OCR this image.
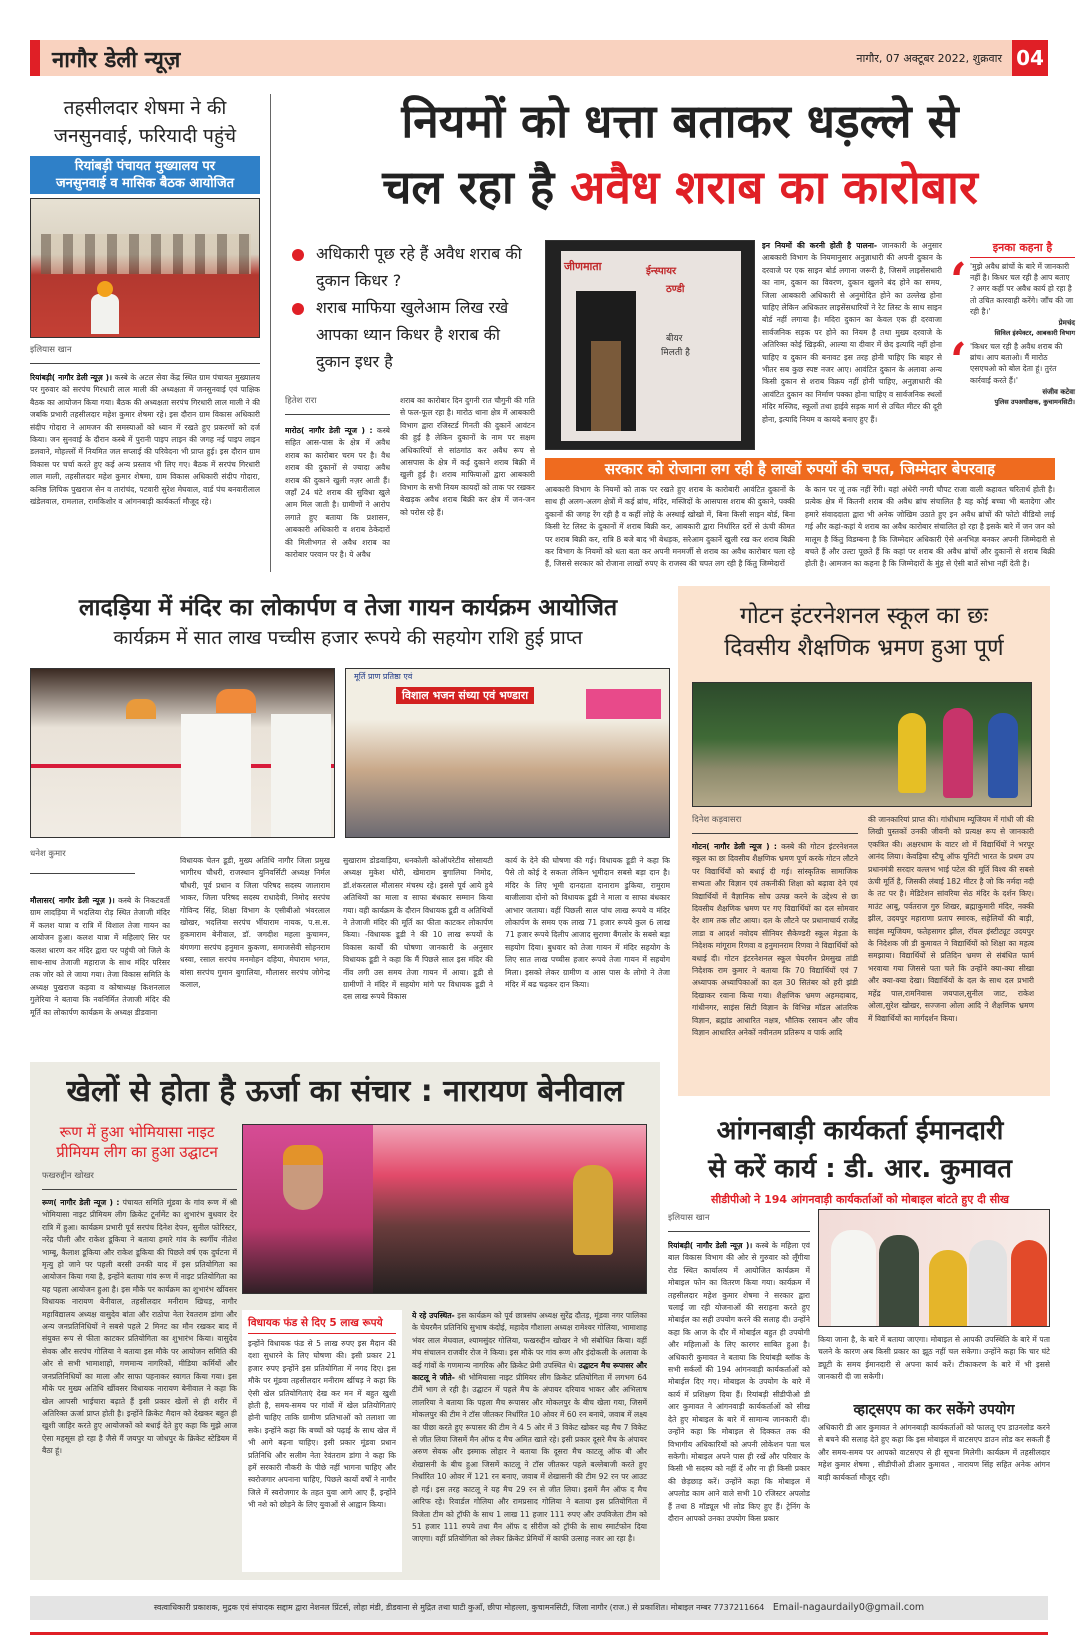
नागौर डेली न्यूज़	नागौर, 07 अक्टूबर 2022, शुक्रवार 04
तहसीलदार शेषमा ने की
जनसुनवाई, फरियादी पहुंचे
रियांबड़ी पंचायत मुख्यालय पर
जनसुनवाई व मासिक बैठक आयोजित
इलियास खान
रियांबड़ी( नागौर डेली न्यूज़ )। कस्बे के अटल सेवा केंद्र स्थित ग्राम पंचायत मुख्यालय पर गुरुवार को सरपंच गिरधारी लाल माली की अध्यक्षता में जनसुनवाई एवं पाक्षिक बैठक का आयोजन किया गया। बैठक की अध्यक्षता सरपंच गिरधारी लाल माली ने की जबकि प्रभारी तहसीलदार महेश कुमार शेषमा रहे। इस दौरान ग्राम विकास अधिकारी संदीप गोदारा ने आमजन की समस्याओं को ध्यान में रखते हुए प्रकरणों को दर्ज किया। जन सुनवाई के दौरान कस्बे में पुरानी पाइप लाइन की जगह नई पाइप लाइन डलवाने, मोहल्लों में नियमित जल सप्लाई की परिवेदना भी प्राप्त हुई। इस दौरान ग्राम विकास पर चर्चा करते हुए कई अन्य प्रस्ताव भी लिए गए। बैठक में सरपंच गिरधारी लाल माली, तहसीलदार महेश कुमार शेषमा, ग्राम विकास अधिकारी संदीप गोदारा, कनिष्ठ लिपिक पुखराज सेन व तारांचंद, पटवारी सुरेश मेघवाल, वार्ड पंच बनवारीलाल खंडेलवाल, रामलाल, रामकिशोर व आंगनबाड़ी कार्यकर्ता मौजूद रहे।
नियमों को धत्ता बताकर धड़ल्ले से
चल रहा है अवैध शराब का कारोबार
अधिकारी पूछ रहे हैं अवैध शराब की दुकान किधर ?
शराब माफिया खुलेआम लिख रखे आपका ध्यान किधर है शराब की दुकान इधर है
जीणमाता	ईन्स्पायर
ठण्डी
बीयर
मिलती है
हितेश रारा
मारोठ( नागौर डेली न्यूज ) : कस्बे सहित आस-पास के क्षेत्र में अवैध शराब का कारोबार चरम पर है। वैध शराब की दुकानों से ज्यादा अवैध शराब की दुकाने खुली नज़र आती हैं। जहाँ 24 घंटे शराब की सुविधा खुले आम मिल जाती है। ग्रामीणों ने आरोप लगाते हुए बताया कि प्रशासन, आबकारी अधिकारी व शराब ठेकेदारों की मिलीभगत से अवैध शराब का कारोबार परवान पर है। ये अवैध
शराब का कारोबार दिन दुगनी रात चौगुनी की गति से फल-फूल रहा है। मारोठ थाना क्षेत्र में आबकारी विभाग द्वारा रजिस्टर्ड गिनती की दुकानें आवंटन की हुई है लेकिन दुकानों के नाम पर सक्षम अधिकारियों से सांठगांठ कर अवैध रूप से आसपास के क्षेत्र में कई दुकाने शराब बिक्री में खुली हुई है। शराब माफियाओं द्वारा आबकारी विभाग के सभी नियम कायदों को ताक पर रखकर बेखड़क अवैध शराब बिक्री कर क्षेत्र में जन-जन को परोस रहे हैं।
इन नियमों की करनी होती है पालना- जानकारी के अनुसार आबकारी विभाग के नियमानुसार अनुज्ञाधारी की अपनी दुकान के दरवाजे पर एक साइन बोर्ड लगाना जरूरी है, जिसमें लाइसेंसधारी का नाम, दुकान का विवरण, दुकान खुलने बंद होने का समय, जिला आबकारी अधिकारी से अनुमोदित होने का उल्लेख होना चाहिए लेकिन अधिकतर लाइसेंसधारियों ने रेट लिस्ट के साथ साइन बोर्ड नहीं लगाया है। मदिरा दुकान का केवल एक ही दरवाजा सार्वजनिक सड़क पर होने का नियम है तथा मुख्य दरवाजे के अतिरिक्त कोई खिड़की, आल्या या दीवार में छेद इत्यादि नहीं होना चाहिए व दुकान की बनावट इस तरह होनी चाहिए कि बाहर से भीतर सब कुछ स्पष्ट नजर आए। आवंटित दुकान के अलावा अन्य किसी दुकान से शराब विक्रय नहीं होनी चाहिए, अनुज्ञाधारी की आवंटित दुकान का निर्माण पक्का होना चाहिए व सार्वजनिक स्थलों मंदिर मस्जिद, स्कूलों तथा हाईवे सड़क मार्ग से उचित मीटर की दूरी होना, इत्यादि नियम व कायदे बनाए हुए हैं।
इनका कहना है
‘ 'मुझे अवैध ब्रांचों के बारे में जानकारी नहीं है। किधर चल रही है आप बताए ? अगर कहीं पर अवैध कार्य हो रहा है तो उचित कारवाही करेंगे। जाँच की जा रही है।'
प्रेमचंद
सिविल इंस्पेक्टर, आबकारी विभाग
‘ 'किधर चल रही है अवैध शराब की ब्रांच। आप बताओ। मैं मारोठ एसएचओ को बोल देता हूं। तुरंत कार्रवाई करते हैं।'
संजीव कटेवा
पुलिस उपअधीक्षक, कुचामनसिटी।
सरकार को रोजाना लग रही है लाखों रुपयों की चपत, जिम्मेदार बेपरवाह
आबकारी विभाग के नियमों को ताक पर रखते हुए शराब के कारोबारी आवंटित दुकानों के साथ ही अलग-अलग क्षेत्रों में कई ब्रांच, मंदिर, मस्जिदों के आसपास शराब की दुकाने, पक्की दुकानों की जगह रेंग रही है व कहीं लोहे के अस्थाई खोखो में, बिना किसी साइन बोर्ड, बिना किसी रेट लिस्ट के दुकानों में शराब बिक्री कर, आबकारी द्वारा निर्धारित दरों से ऊंची कीमत पर शराब बिक्री कर, रात्रि 8 बजे बाद भी बेधड़क, सरेआम दुकानें खुली रख कर शराब बिक्री कर विभाग के नियमों को धता बता कर अपनी मनमर्जी से शराब का अवैध कारोबार चला रहे हैं, जिससे सरकार को रोजाना लाखों रुपए के राजस्व की चपत लग रही है किंतु जिम्मेदारों
के कान पर जूं तक नहीं रेंगी। यहां अंधेरी नगरी चौपट राजा वाली कहावत चरितार्थ होती है। प्रत्येक क्षेत्र में कितनी शराब की अवैध ब्रांच संचालित है यह कोई बच्चा भी बतादेगा और हमारे संवाददाता द्वारा भी अनेक जोखिम उठाते हुए इन अवैध ब्रांचों की फोटो वीडियो लाई गई और कहां-कहां ये शराब का अवैध कारोबार संचालित हो रहा है इसके बारे में जन जन को मालूम है किंतु विडम्बना है कि जिम्मेदार अधिकारी ऐसे अनभिज्ञ बनकर अपनी जिम्मेदारी से बचते हैं और उल्टा पूछते हैं कि कहां पर शराब की अवैध ब्रांचों और दुकानों से शराब बिक्री होती है। आमजन का कहना है कि जिम्मेदारों के मुंह से ऐसी बातें सोभा नहीं देती है।
लादड़िया में मंदिर का लोकार्पण व तेजा गायन कार्यक्रम आयोजित
कार्यक्रम में सात लाख पच्चीस हजार रूपये की सहयोग राशि हुई प्राप्त
मूर्ति प्राण प्रतिष्ठा एवं
विशाल भजन संध्या एवं भण्डारा
धनेश कुमार
मौलासर( नागौर डेली न्यूज़ )। कस्बे के निकटवर्ती ग्राम लादड़िया में भदलिया रोड़ स्थित तेजाजी मंदिर में कलश यात्रा व रात्रि में विशाल तेजा गायन का आयोजन हुआ। कलश यात्रा में महिलाएं सिर पर कलश धारण कर मंदिर द्वारा पर पहुंची जो जिले के साथ-साथ तेजाजी महाराज के साथ मंदिर परिसर तक जोर को ले जाया गया। तेजा विकास समिति के अध्यक्ष पुखराज कड़वा व कोषाध्यक्ष किशनलाल गुलेरिया ने बताया कि नवनिर्मित तेजाजी मंदिर की मूर्ति का लोकार्पण कार्यक्रम के अध्यक्ष डीडवाना
विधायक चेतन डूडी, मुख्य अतिथि नागौर जिला प्रमुख भागीरथ चौधरी, राजस्थान युनिवर्सिटी अध्यक्ष निर्मल चौधरी, पूर्व प्रधान व जिला परिषद सदस्य जालाराम भाकर, जिला परिषद सदस्य राधादेवी, निमोद सरपंच गोविन्द सिंह, शिक्षा विभाग के एसीबीओ भंवरलाल खोखर, भदलिया सरपंच भींयाराम नायक, प.स.स. हुकमाराम बेनीवाल, डॉ. जगदीश महला कुचामन, बंगणगा सरपंच हनुमान कुकणा, समाजसेवी सोहनराम धस्वा, रसाल सरपंच मनमोहन दहिया, मेघाराम भगत, बांसा सरपंच गुमान बुगालिया, मौलासर सरपंच जोगेन्द्र कलाल,
सुखाराम डोडवाड़िया, धनकोली कोऑपरेटीव सोसायटी अध्यक्ष मुकेश थोरी, खेमाराम बुगालिया निमोद, डॉ.शंकरलाल मौलासर मंचस्थ रहे। इससे पूर्व आये हुये अतिथियों का माला व साफा बंधकार सम्मान किया गया। वही कार्यक्रम के दौरान विधायक डूडी व अतिथियों ने तेजाजी मंदिर की मूर्ति का फीता काटकर लोकार्पण किया। -विधायक डूडी ने की 10 लाख रूपयों के विकास कार्यों की घोषणा जानकारी के अनुसार विधायक डूडी ने कहा कि मैं पिछले साल इस मंदिर की नींव लगी उस समय तेजा गायन में आया। डूडी से ग्रामीणों ने मंदिर में सहयोग मांगे पर विधायक डूडी ने दस लाख रूपये विकास
कार्य के देने की घोषणा की गई। विधायक डूडी ने कहा कि पैसे तो कोई दे सकता लेकिन भूमीदान सबसे बड़ा दान है। मंदिर के लिए भूमी दानदाता दानाराम डुकिया, रामुराम बाजीलावा दोनो को विधायक डूडी ने माला व साफा बंधकार आभार जताया। वहीं पिछली साल पांच लाख रूपये व मंदिर लोकार्पण के समय एक लाख 71 हजार रूपये कुल 6 लाख 71 हजार रूपये दिलीप आजाद सुराणा बैंगलोर के सबसे बड़ा सहयोग दिया। बुधवार को तेजा गायन में मंदिर सहयोग के लिए सात लाख पच्चीस हजार रूपये तेजा गायन में सहयोग मिला। इसको लेकर ग्रामीण व आस पास के लोगो ने तेजा मंदिर में बढ चढ़कर दान किया।
गोटन इंटरनेशनल स्कूल का छः
दिवसीय शैक्षणिक भ्रमण हुआ पूर्ण
दिनेश कड़वासरा
गोटन( नागौर डेली न्यूज ) : कस्बे की गोटन इंटरनेशनल स्कूल का छः दिवसीय शैक्षणिक भ्रमण पूर्ण करके गोटन लौटने पर विद्यार्थियों को बधाई दी गई। सांस्कृतिक सामाजिक सभ्यता और विज्ञान एवं तकनीकी शिक्षा को बढ़ावा देने एवं विद्यार्थियों में वैज्ञानिक सोच उत्पन्न करने के उद्देश्य से छः दिवसीय शैक्षणिक भ्रमण पर गए विद्यार्थियों का दल सोमवार देर शाम तक लौट आया। दल के लौटने पर प्रधानाचार्य राजेंद्र लाडा व आदर्श नवोदय सीनियर सैकेण्डरी स्कूल मेड़ता के निदेशक मांगूराम रिणवा व हनुमानराम रिणवा ने विद्यार्थियों को बधाई दी। गोटन इंटरनेशनल स्कूल चेयरमैन प्रेमसुख तांडी निदेशक राम कुमार ने बताया कि 70 विद्यार्थियों एवं 7 अध्यापक अध्यापिकाओं का दल 30 सितंबर को हरी झंडी दिखाकर रवाना किया गया। शैक्षणिक भ्रमण अहमदाबाद, गांधीनगर, साइंस सिटी विज्ञान के विभिन्न मॉडल आंतरिक विज्ञान, ब्रह्मांड आधारित नक्षत्र, भौतिक रसायन और जीव विज्ञान आधारित अनेकों नवीनतम प्रतिरूप व पार्क आदि
की जानकारियां प्राप्त की। गांधीधाम म्यूजियम में गांधी जी की लिखी पुस्तकों उनकी जीवनी को प्रत्यक्ष रूप से जानकारी एकत्रित की। अक्षरधाम के वाटर शो में विद्यार्थियों ने भरपूर आनंद लिया। केवड़िया स्टैचू ऑफ यूनिटी भारत के प्रथम उप प्रधानमंत्री सरदार वल्लभ भाई पटेल की मूर्ति विश्व की सबसे ऊंची मूर्ति है, जिसकी लंबाई 182 मीटर है जो कि नर्मदा नदी के तट पर है। मेडिटेशन सांवरिया सेठ मंदिर के दर्शन किए। माउंट आबू, पर्वतराज गुरु शिखर, ब्रह्माकुमारी मंदिर, नक्की झील, उदयपुर महाराणा प्रताप स्मारक, सहेलियों की बाड़ी, साइंस म्यूजियम, फतेहसागर झील, रॉयल इंस्टीट्यूट उदयपुर के निदेशक जी डी कुमावत ने विद्यार्थियों को शिक्षा का महत्व समझाया। विद्यार्थियों से प्रतिदिन भ्रमण से संबंधित फार्म भरवाया गया जिससे पता चले कि उन्होंने क्या-क्या सीखा और क्या-क्या देखा। विद्यार्थियों के दल के साथ दल प्रभारी महेंद्र पाल,रामनिवास जयपाल,सुनील जाट, राकेश ओला,सुरेश खोखर, सज्जना ओला आदि ने शैक्षणिक भ्रमण में विद्यार्थियों का मार्गदर्शन किया।
खेलों से होता है ऊर्जा का संचार : नारायण बेनीवाल
रूण में हुआ भोमियासा नाइट
प्रीमियम लीग का हुआ उद्घाटन
फखरुद्दीन खोखर
रूण( नागौर डेली न्यूज ) : पंचायत समिति मूंडवा के गांव रूण में श्री भोमियासा नाइट प्रीमियम लीग क्रिकेट टूर्नामेंट का शुभारंभ बुधवार देर रात्रि में हुआ। कार्यक्रम प्रभारी पूर्व सरपंच दिनेश देपन, सुनील फोरिस्टर, नरेंद्र पौली और राकेश डूकिया ने बताया हमारे गांव के स्वर्गीय नीतेश भाम्बू, कैलाश डूकिया और राकेश डूकिया की पिछले वर्ष एक दुर्घटना में मृत्यु हो जाने पर पहली बरसी उनकी याद में इस प्रतियोगिता का आयोजन किया गया है, इन्होंने बताया गांव रूण में नाइट प्रतियोगिता का यह पहला आयोजन हुआ है। इस मौके पर कार्यक्रम का शुभारंभ खींवसर विधायक नारायण बेनीवाल, तहसीलदार मनीराम खिचड़, नागौर महाविद्यालय अध्यक्ष वासुदेव बांता और राठोपा नेता रेवतराम डांगा और अन्य जनप्रतिनिधियों ने सबसे पहले 2 मिनट का मौन रखकर बाद में संयुक्त रूप से फीता काटकर प्रतियोगिता का शुभारंभ किया। वासुदेव सेवक और सरपंच गोलिया ने बताया इस मौके पर आयोजन समिति की ओर से सभी भामाशाहो, गणमान्य नागरिकों, मीडिया कर्मियों और जनप्रतिनिधियों का माला और साफा पहनाकर स्वागत किया गया। इस मौके पर मुख्य अतिथि खींवसर विधायक नारायण बेनीवाल ने कहा कि खेल आपसी भाईचारा बढ़ाते हैं इसी प्रकार खेलों से ही शरीर में अतिरिक्त ऊर्जा प्राप्त होती है। इन्होंने क्रिकेट मैदान को देखकर बहुत ही खुशी जाहिर करते हुए आयोजकों को बधाई देते हुए कहा कि मुझे आज ऐसा महसूस हो रहा है जैसे मैं जयपुर या जोधपुर के क्रिकेट स्टेडियम में बैठा हूं।
विधायक फंड से दिए 5 लाख रूपये
इन्होंने विधायक फंड से 5 लाख रुपए इस मैदान की दशा सुधारने के लिए घोषणा की। इसी प्रकार 21 हजार रुपए इन्होंने इस प्रतियोगिता में नगद दिए। इस मौके पर मूंडवा तहसीलदार मनीराम खींचड़ ने कहा कि ऐसी खेल प्रतियोगिताएं देख कर मन में बहुत खुशी होती है, समय-समय पर गांवों में खेल प्रतियोगिताएं होनी चाहिए ताकि ग्रामीण प्रतिभाओं को तलाशा जा सके। इन्होंने कहा कि बच्चों को पढ़ाई के साथ खेल में भी आगे बढ़ना चाहिए। इसी प्रकार मूंडवा प्रधान प्रतिनिधि और सलीम नेता रेवंतराम डांगा ने कहा कि हमें सरकारी नौकरी के पीछे नहीं भागना चाहिए और स्वरोजगार अपनाना चाहिए, पिछले कार्यो वर्षों ने नागौर जिले में स्वरोजगार के तहत युवा आगे आए हैं, इन्होंने भी नशे को छोड़ने के लिए युवाओं से आह्वान किया।
ये रहे उपस्थित- इस कार्यक्रम को पूर्व छात्रसंघ अध्यक्ष सुरेंद्र दौतड़, मूंडवा नगर पालिका के चेयरमैन प्रतिनिधि सुभाष कंदोई, महादेव गौशाला अध्यक्ष रामेश्वर गोलिया, भामाशाह भंवर लाल मेघवाल, श्यामसुंदर गोलिया, फखरुद्दीन खोखर ने भी संबोधित किया। वहीं मंच संचालन राजवीर रोज ने किया। इस मौके पर गांव रूण और इंदोकली के अलावा के कई गांवों के गणमान्य नागरिक और क्रिकेट प्रेमी उपस्थित थे। उद्घाटन मैच रूपासर और काटलू ने जीते- श्री भोमियासा नाइट प्रीमियर लीग क्रिकेट प्रतियोगिता में लगभग 64 टीमें भाग ले रही है। उद्घाटन में पहले मैच के अंपायर दरियाव भाकर और अभिलाष लालरिया ने बताया कि पहला मैच रूपासर और मोकलपुर के बीच खेला गया, जिसमें मोकलपुर की टीम ने टॉस जीतकर निर्धारित 10 ओवर में 60 रन बनाये, जवाब में लक्ष्य का पीछा करते हुए रूपासर की टीम ने 4 5 ओर में 3 विकेट खोकर यह मैच 7 विकेट से जीत लिया जिसमें मैन ऑफ द मैच अमित खाते रहे। इसी प्रकार दूसरे मैच के अंपायर अरुण सेवक और इस्माक लोहार ने बताया कि दूसरा मैच काटलू ऑफ बी और शेखासनी के बीच हुआ जिसमें काटलू ने टॉस जीतकर पहले बल्लेबाजी करते हुए निर्धारित 10 ओवर में 121 रन बनाए, जवाब में शेखासनी की टीम 92 रन पर आउट हो गई। इस तरह काटलू ने यह मैच 29 रन से जीत लिया। इसमें मैन ऑफ द मैच आरिफ रहे। रिवार्डल गोलिया और रामप्रसाद गोलिया ने बताया इस प्रतियोगिता में विजेता टीम को ट्रॉफी के साथ 1 लाख 11 हजार 111 रुपए और उपविजेता टीम को 51 हजार 111 रुपये तथा मैन ऑफ द सीरीज को ट्रॉफी के साथ स्मार्टफोन दिया जाएगा। वहीं प्रतियोगिता को लेकर क्रिकेट प्रेमियों में काफी उत्साह नजर आ रहा है।
आंगनबाड़ी कार्यकर्ता ईमानदारी
से करें कार्य : डी. आर. कुमावत
सीडीपीओ ने 194 आंगनवाड़ी कार्यकर्ताओं को मोबाइल बांटते हुए दी सीख
इलियास खान
रियांबड़ी( नागौर डेली न्यूज़ )। कस्बे के महिला एवं बाल विकास विभाग की ओर से गुरुवार को लूँगीया रोड स्थित कार्यालय में आयोजित कार्यक्रम में मोबाइल फोन का वितरण किया गया। कार्यक्रम में तहसीलदार महेश कुमार शेषमा ने सरकार द्वारा चलाई जा रही योजनाओं की सराहना करते हुए मोबाईल का सही उपयोग करने की सलाह दी। उन्होंने कहा कि आज के दौर में मोबाईल बहुत ही उपयोगी और महिलाओं के लिए कारगर साबित हुआ है। अधिकारी कुमावत ने बताया कि रियांबड़ी ब्लॉक के सभी सर्कलों की 194 आंगनवाड़ी कार्यकर्ताओं को मोबाईल दिए गए। मोबाइल के उपयोग के बारे में कार्य में प्रशिक्षण दिया हैं। रियांबड़ी सीडीपीओ डी आर कुमावत ने आंगनवाड़ी कार्यकर्ताओं को सीख देते हुए मोबाइल के बारे में सामान्य जानकारी दी। उन्होंने कहा कि मोबाइल से दिक्कत तक की विभागीय अधिकारियों को अपनी लोकेशन पता चल सकेगी। मोबाइल अपने पास ही रखें और परिवार के किसी भी सदस्य को नहीं दें और ना ही किसी प्रकार की छेड़छाड़ करें। उन्होंने कहा कि मोबाइल में अपलोड काम आने वाले सभी 10 रजिस्टर अपलोड हैं तथा 8 मॉड्यूल भी लोड किए हुए हैं। ट्रेनिंग के दौरान आपको उनका उपयोग किस प्रकार
किया जाना है, के बारे में बताया जाएगा। मोबाइल से आपकी उपस्थिति के बारे में पता चलने के कारण अब किसी प्रकार का झूठ नहीं चल सकेगा। उन्होंने कहा कि चार घंटे ड्यूटी के समय ईमानदारी से अपना कार्य करें। टीकाकरण के बारे में भी इससे जानकारी दी जा सकेगी।
व्हाट्सएप का कर सकेंगे उपयोग
अधिकारी डी आर कुमावत ने आंगनबाड़ी कार्यकर्ताओं को फालतू एप डाउनलोड करने से बचने की सलाह देते हुए कहा कि इस मोबाइल में वाटसएप डाउन लोड कर सकती हैं और समय-समय पर आपको वाटसएप से ही सूचना मिलेगी। कार्यक्रम में तहसीलदार महेश कुमार शेषमा , सीडीपीओ डीआर कुमावत , नारायण सिंह सहित अनेक आंगन बाड़ी कार्यकर्ता मौजूद रही।
स्वत्वाधिकारी प्रकाशक, मुद्रक एवं संपादक सद्दाम द्वारा नेशनल प्रिंटर्स, लोहा मंडी, डीडवाना से मुद्रित तथा घाटी कुआँ, छीपा मोहल्ला, कुचामनसिटी, जिला नागौर (राज.) से प्रकाशित। मोबाइल नम्बर 7737211664 Email-nagaurdaily0@gmail.com
